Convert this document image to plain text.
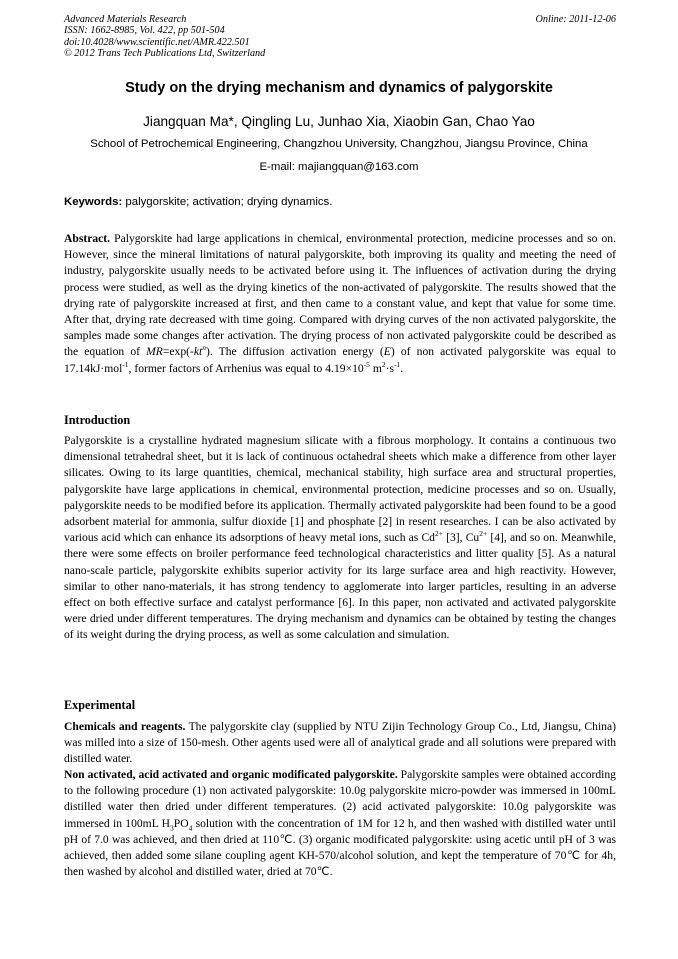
Advanced Materials Research
ISSN: 1662-8985, Vol. 422, pp 501-504
doi:10.4028/www.scientific.net/AMR.422.501
© 2012 Trans Tech Publications Ltd, Switzerland
Online: 2011-12-06
Study on the drying mechanism and dynamics of palygorskite
Jiangquan Ma*, Qingling Lu, Junhao Xia, Xiaobin Gan, Chao Yao
School of Petrochemical Engineering, Changzhou University, Changzhou, Jiangsu Province, China
E-mail: majiangquan@163.com
Keywords: palygorskite; activation; drying dynamics.
Abstract. Palygorskite had large applications in chemical, environmental protection, medicine processes and so on. However, since the mineral limitations of natural palygorskite, both improving its quality and meeting the need of industry, palygorskite usually needs to be activated before using it. The influences of activation during the drying process were studied, as well as the drying kinetics of the non-activated of palygorskite. The results showed that the drying rate of palygorskite increased at first, and then came to a constant value, and kept that value for some time. After that, drying rate decreased with time going. Compared with drying curves of the non activated palygorskite, the samples made some changes after activation. The drying process of non activated palygorskite could be described as the equation of $MR=\exp(-kt^n)$. The diffusion activation energy (E) of non activated palygorskite was equal to 17.14kJ·mol$^{-1}$, former factors of Arrhenius was equal to $4.19\times 10^{-5}$ $m^2\cdot s^{-1}$.
Introduction
Palygorskite is a crystalline hydrated magnesium silicate with a fibrous morphology. It contains a continuous two dimensional tetrahedral sheet, but it is lack of continuous octahedral sheets which make a difference from other layer silicates. Owing to its large quantities, chemical, mechanical stability, high surface area and structural properties, palygorskite have large applications in chemical, environmental protection, medicine processes and so on. Usually, palygorskite needs to be modified before its application. Thermally activated palygorskite had been found to be a good adsorbent material for ammonia, sulfur dioxide [1] and phosphate [2] in resent researches. I can be also activated by various acid which can enhance its adsorptions of heavy metal ions, such as $Cd^{2+}$ [3], $Cu^{2+}$ [4], and so on. Meanwhile, there were some effects on broiler performance feed technological characteristics and litter quality [5]. As a natural nano-scale particle, palygorskite exhibits superior activity for its large surface area and high reactivity. However, similar to other nano-materials, it has strong tendency to agglomerate into larger particles, resulting in an adverse effect on both effective surface and catalyst performance [6]. In this paper, non activated and activated palygorskite were dried under different temperatures. The drying mechanism and dynamics can be obtained by testing the changes of its weight during the drying process, as well as some calculation and simulation.
Experimental
Chemicals and reagents. The palygorskite clay (supplied by NTU Zijin Technology Group Co., Ltd, Jiangsu, China) was milled into a size of 150-mesh. Other agents used were all of analytical grade and all solutions were prepared with distilled water.
Non activated, acid activated and organic modificated palygorskite. Palygorskite samples were obtained according to the following procedure (1) non activated palygorskite: 10.0g palygorskite micro-powder was immersed in 100mL distilled water then dried under different temperatures. (2) acid activated palygorskite: 10.0g palygorskite was immersed in 100mL $H_3PO_4$ solution with the concentration of 1M for 12 h, and then washed with distilled water until pH of 7.0 was achieved, and then dried at 110℃. (3) organic modificated palygorskite: using acetic until pH of 3 was achieved, then added some silane coupling agent KH-570/alcohol solution, and kept the temperature of 70℃ for 4h, then washed by alcohol and distilled water, dried at 70℃.
